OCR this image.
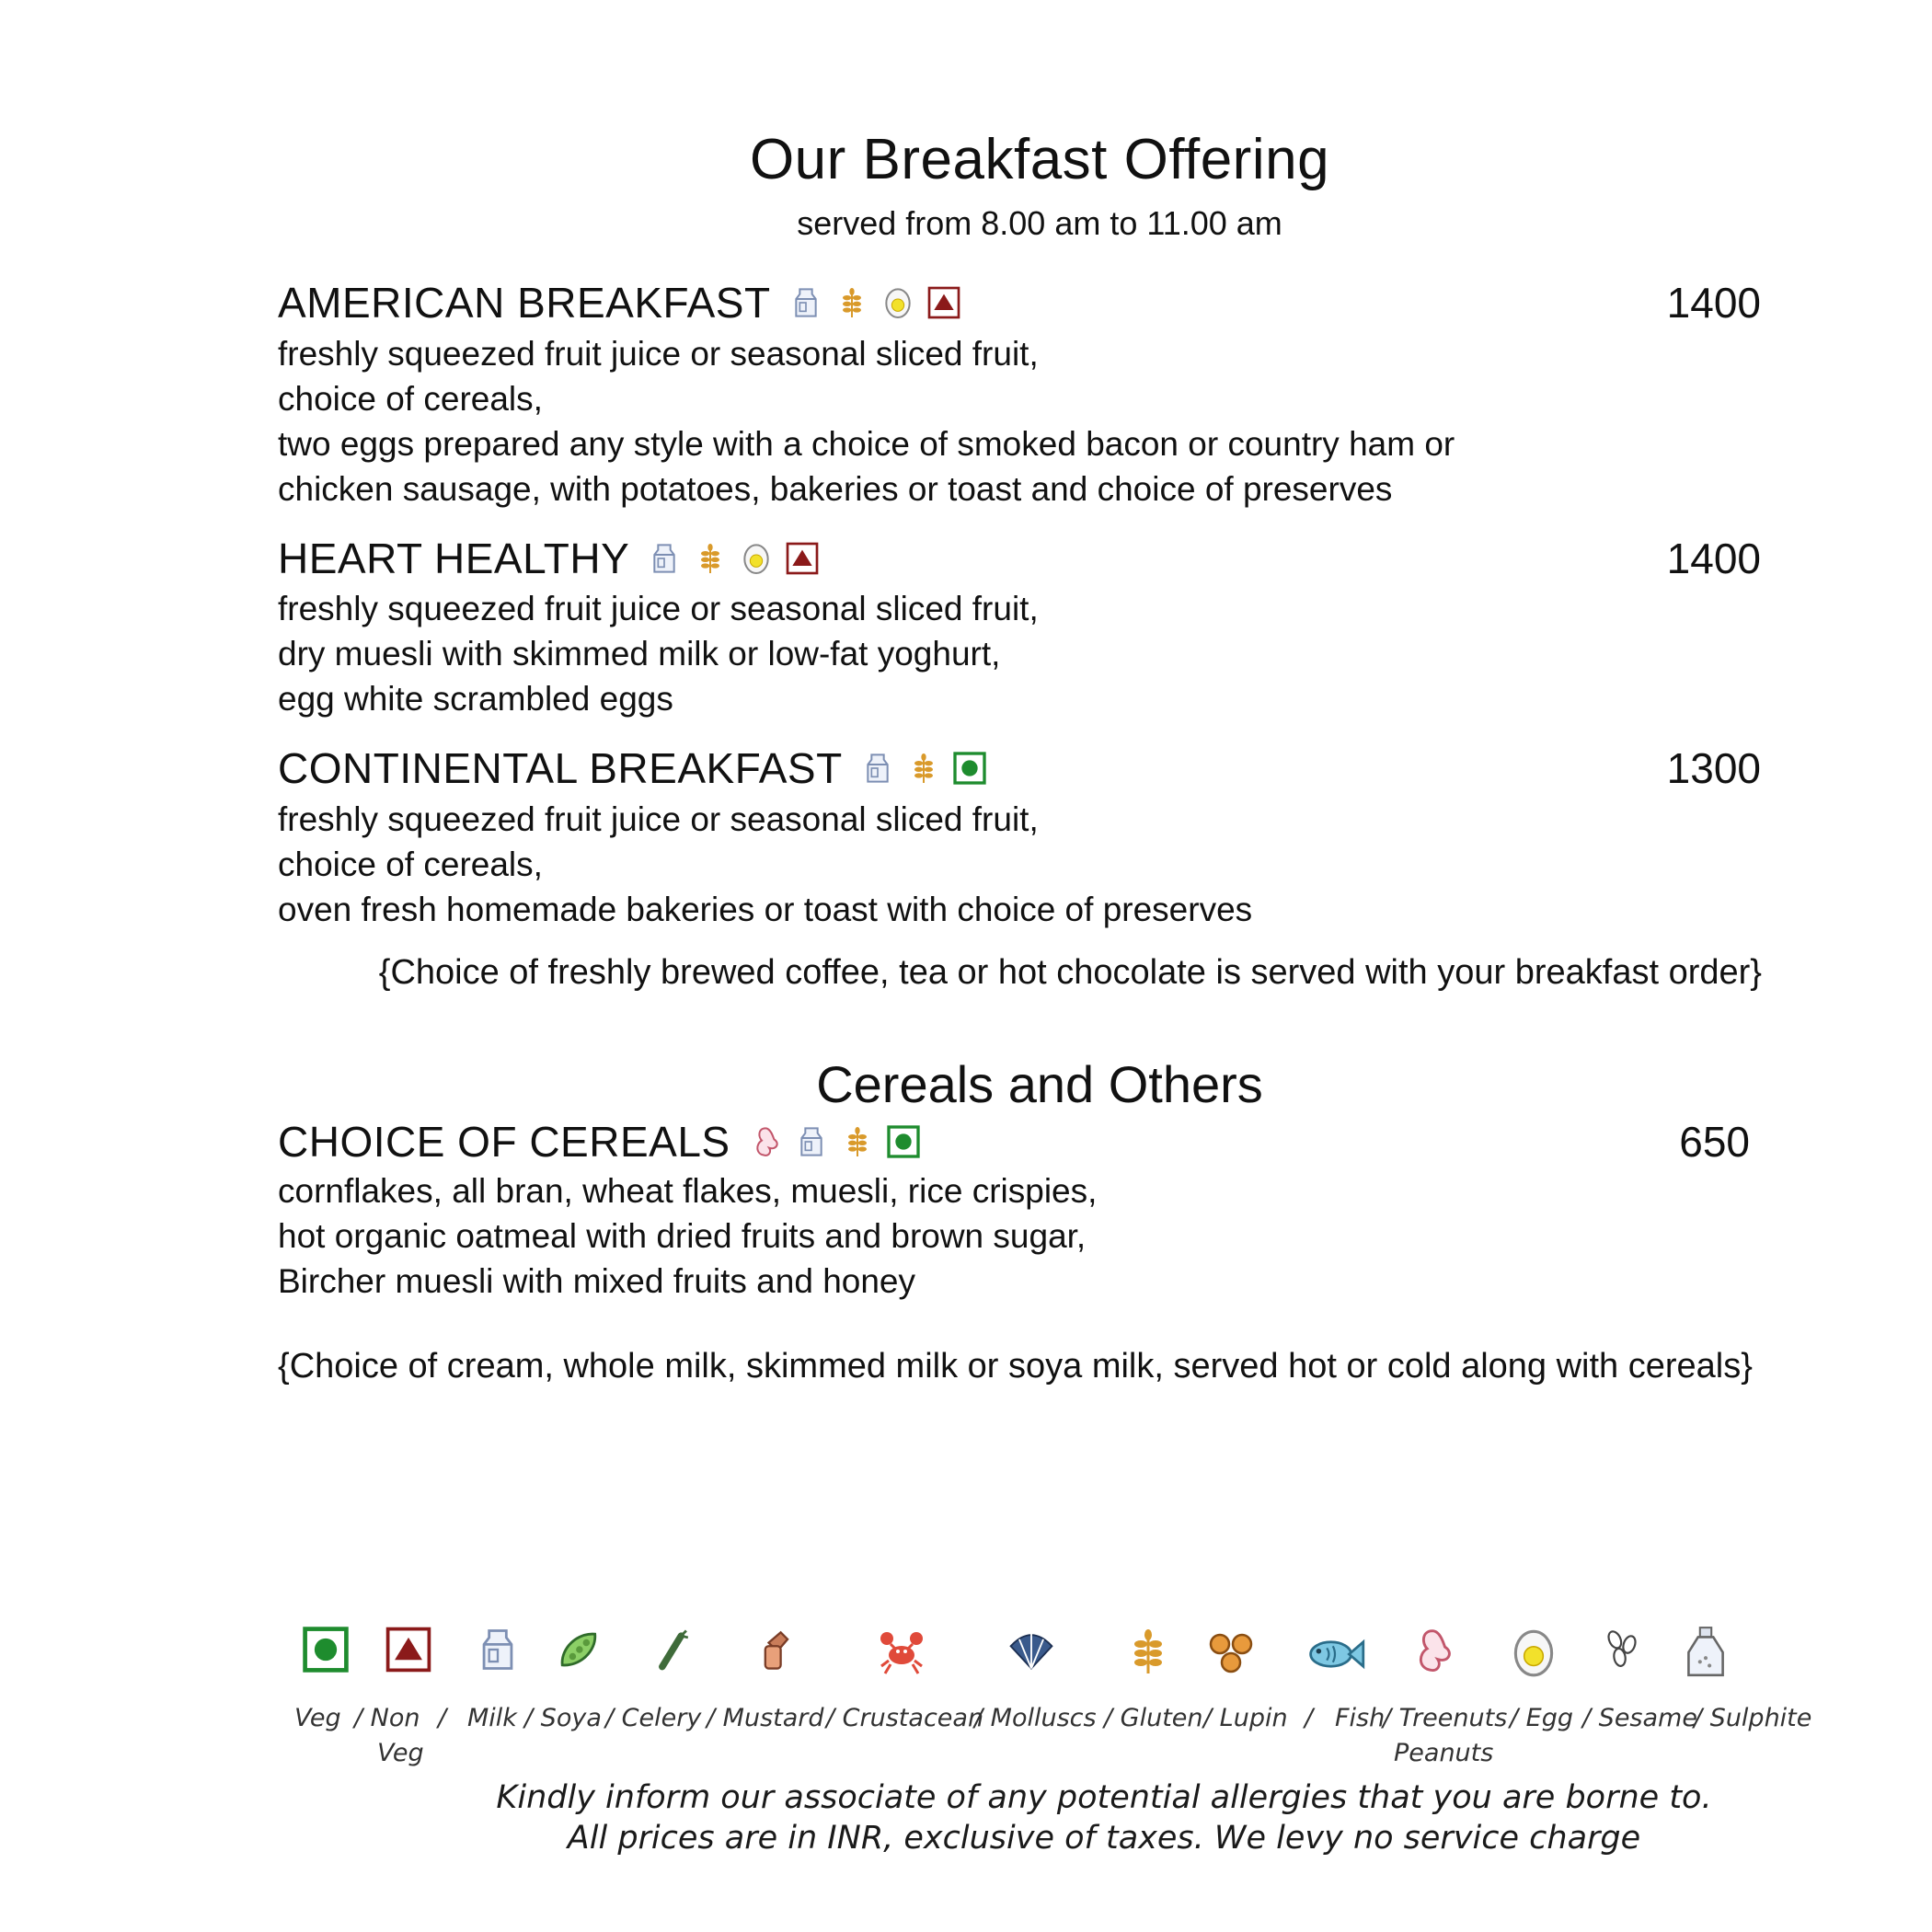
Our Breakfast Offering
served from 8.00 am to 11.00 am
AMERICAN BREAKFAST	1400
freshly squeezed fruit juice or seasonal sliced fruit,
choice of cereals,
two eggs prepared any style with a choice of smoked bacon or country ham or
chicken sausage, with potatoes, bakeries or toast and choice of preserves
HEART HEALTHY	1400
freshly squeezed fruit juice or seasonal sliced fruit,
dry muesli with skimmed milk or low-fat yoghurt,
egg white scrambled eggs
CONTINENTAL BREAKFAST	1300
freshly squeezed fruit juice or seasonal sliced fruit,
choice of cereals,
oven fresh homemade bakeries or toast with choice of preserves
{Choice of freshly brewed coffee, tea or hot chocolate is served with your breakfast order}
Cereals and Others
CHOICE OF CEREALS	650
cornflakes, all bran, wheat flakes, muesli, rice crispies,
hot organic oatmeal with dried fruits and brown sugar,
Bircher muesli with mixed fruits and honey
{Choice of cream, whole milk, skimmed milk or soya milk, served hot or cold along with cereals}
Veg / Non
Veg
/ Milk / Soya / Celery / Mustard / Crustacean
/ Molluscs / Gluten / Lupin / Fish
/ Treenuts
Peanuts
/ Egg / Sesame
/ Sulphite
Kindly inform our associate of any potential allergies that you are borne to.
All prices are in INR, exclusive of taxes. We levy no service charge
